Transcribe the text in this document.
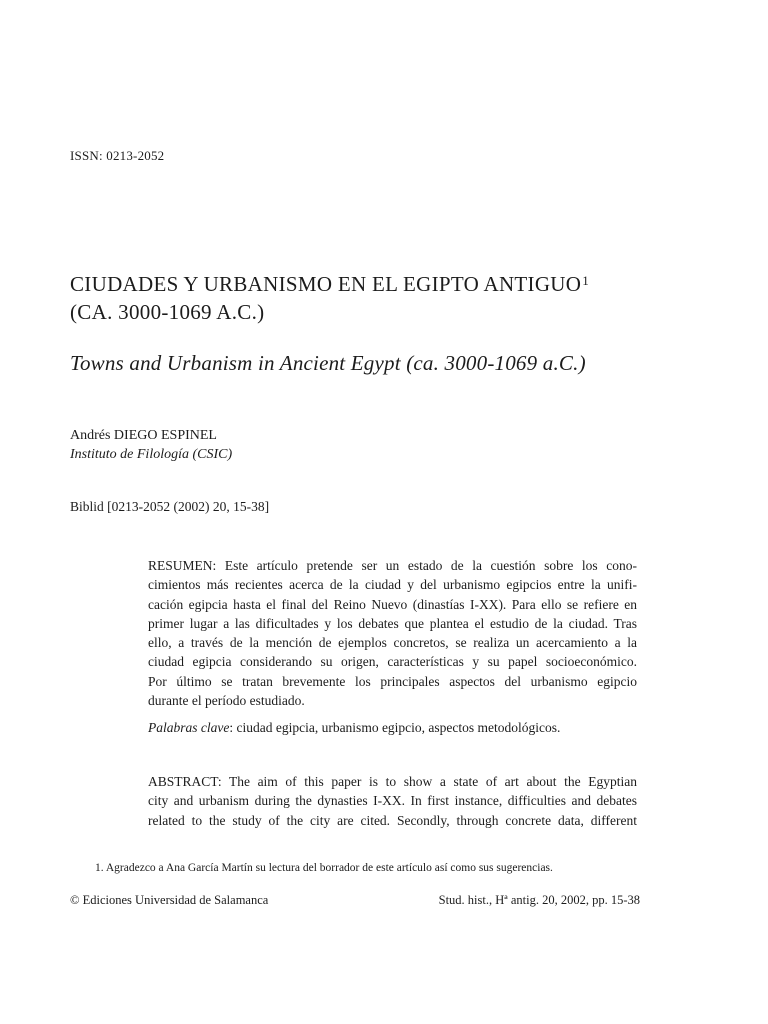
ISSN: 0213-2052
CIUDADES Y URBANISMO EN EL EGIPTO ANTIGUO$^1$
(CA. 3000-1069 A.C.)
Towns and Urbanism in Ancient Egypt (ca. 3000-1069 a.C.)
Andrés DIEGO ESPINEL
Instituto de Filología (CSIC)
Biblid [0213-2052 (2002) 20, 15-38]

RESUMEN: Este artículo pretende ser un estado de la cuestión sobre los cono-
cimientos más recientes acerca de la ciudad y del urbanismo egipcios entre la unifi-
cación egipcia hasta el final del Reino Nuevo (dinastías I-XX). Para ello se refiere en
primer lugar a las dificultades y los debates que plantea el estudio de la ciudad. Tras
ello, a través de la mención de ejemplos concretos, se realiza un acercamiento a la
ciudad egipcia considerando su origen, características y su papel socioeconómico.
Por último se tratan brevemente los principales aspectos del urbanismo egipcio
durante el período estudiado.

Palabras clave: ciudad egipcia, urbanismo egipcio, aspectos metodológicos.

ABSTRACT: The aim of this paper is to show a state of art about the Egyptian
city and urbanism during the dynasties I-XX. In first instance, difficulties and debates
related to the study of the city are cited. Secondly, through concrete data, different

1. Agradezco a Ana García Martín su lectura del borrador de este artículo así como sus sugerencias.
© Ediciones Universidad de Salamanca	Stud. hist., Hª antig. 20, 2002, pp. 15-38
